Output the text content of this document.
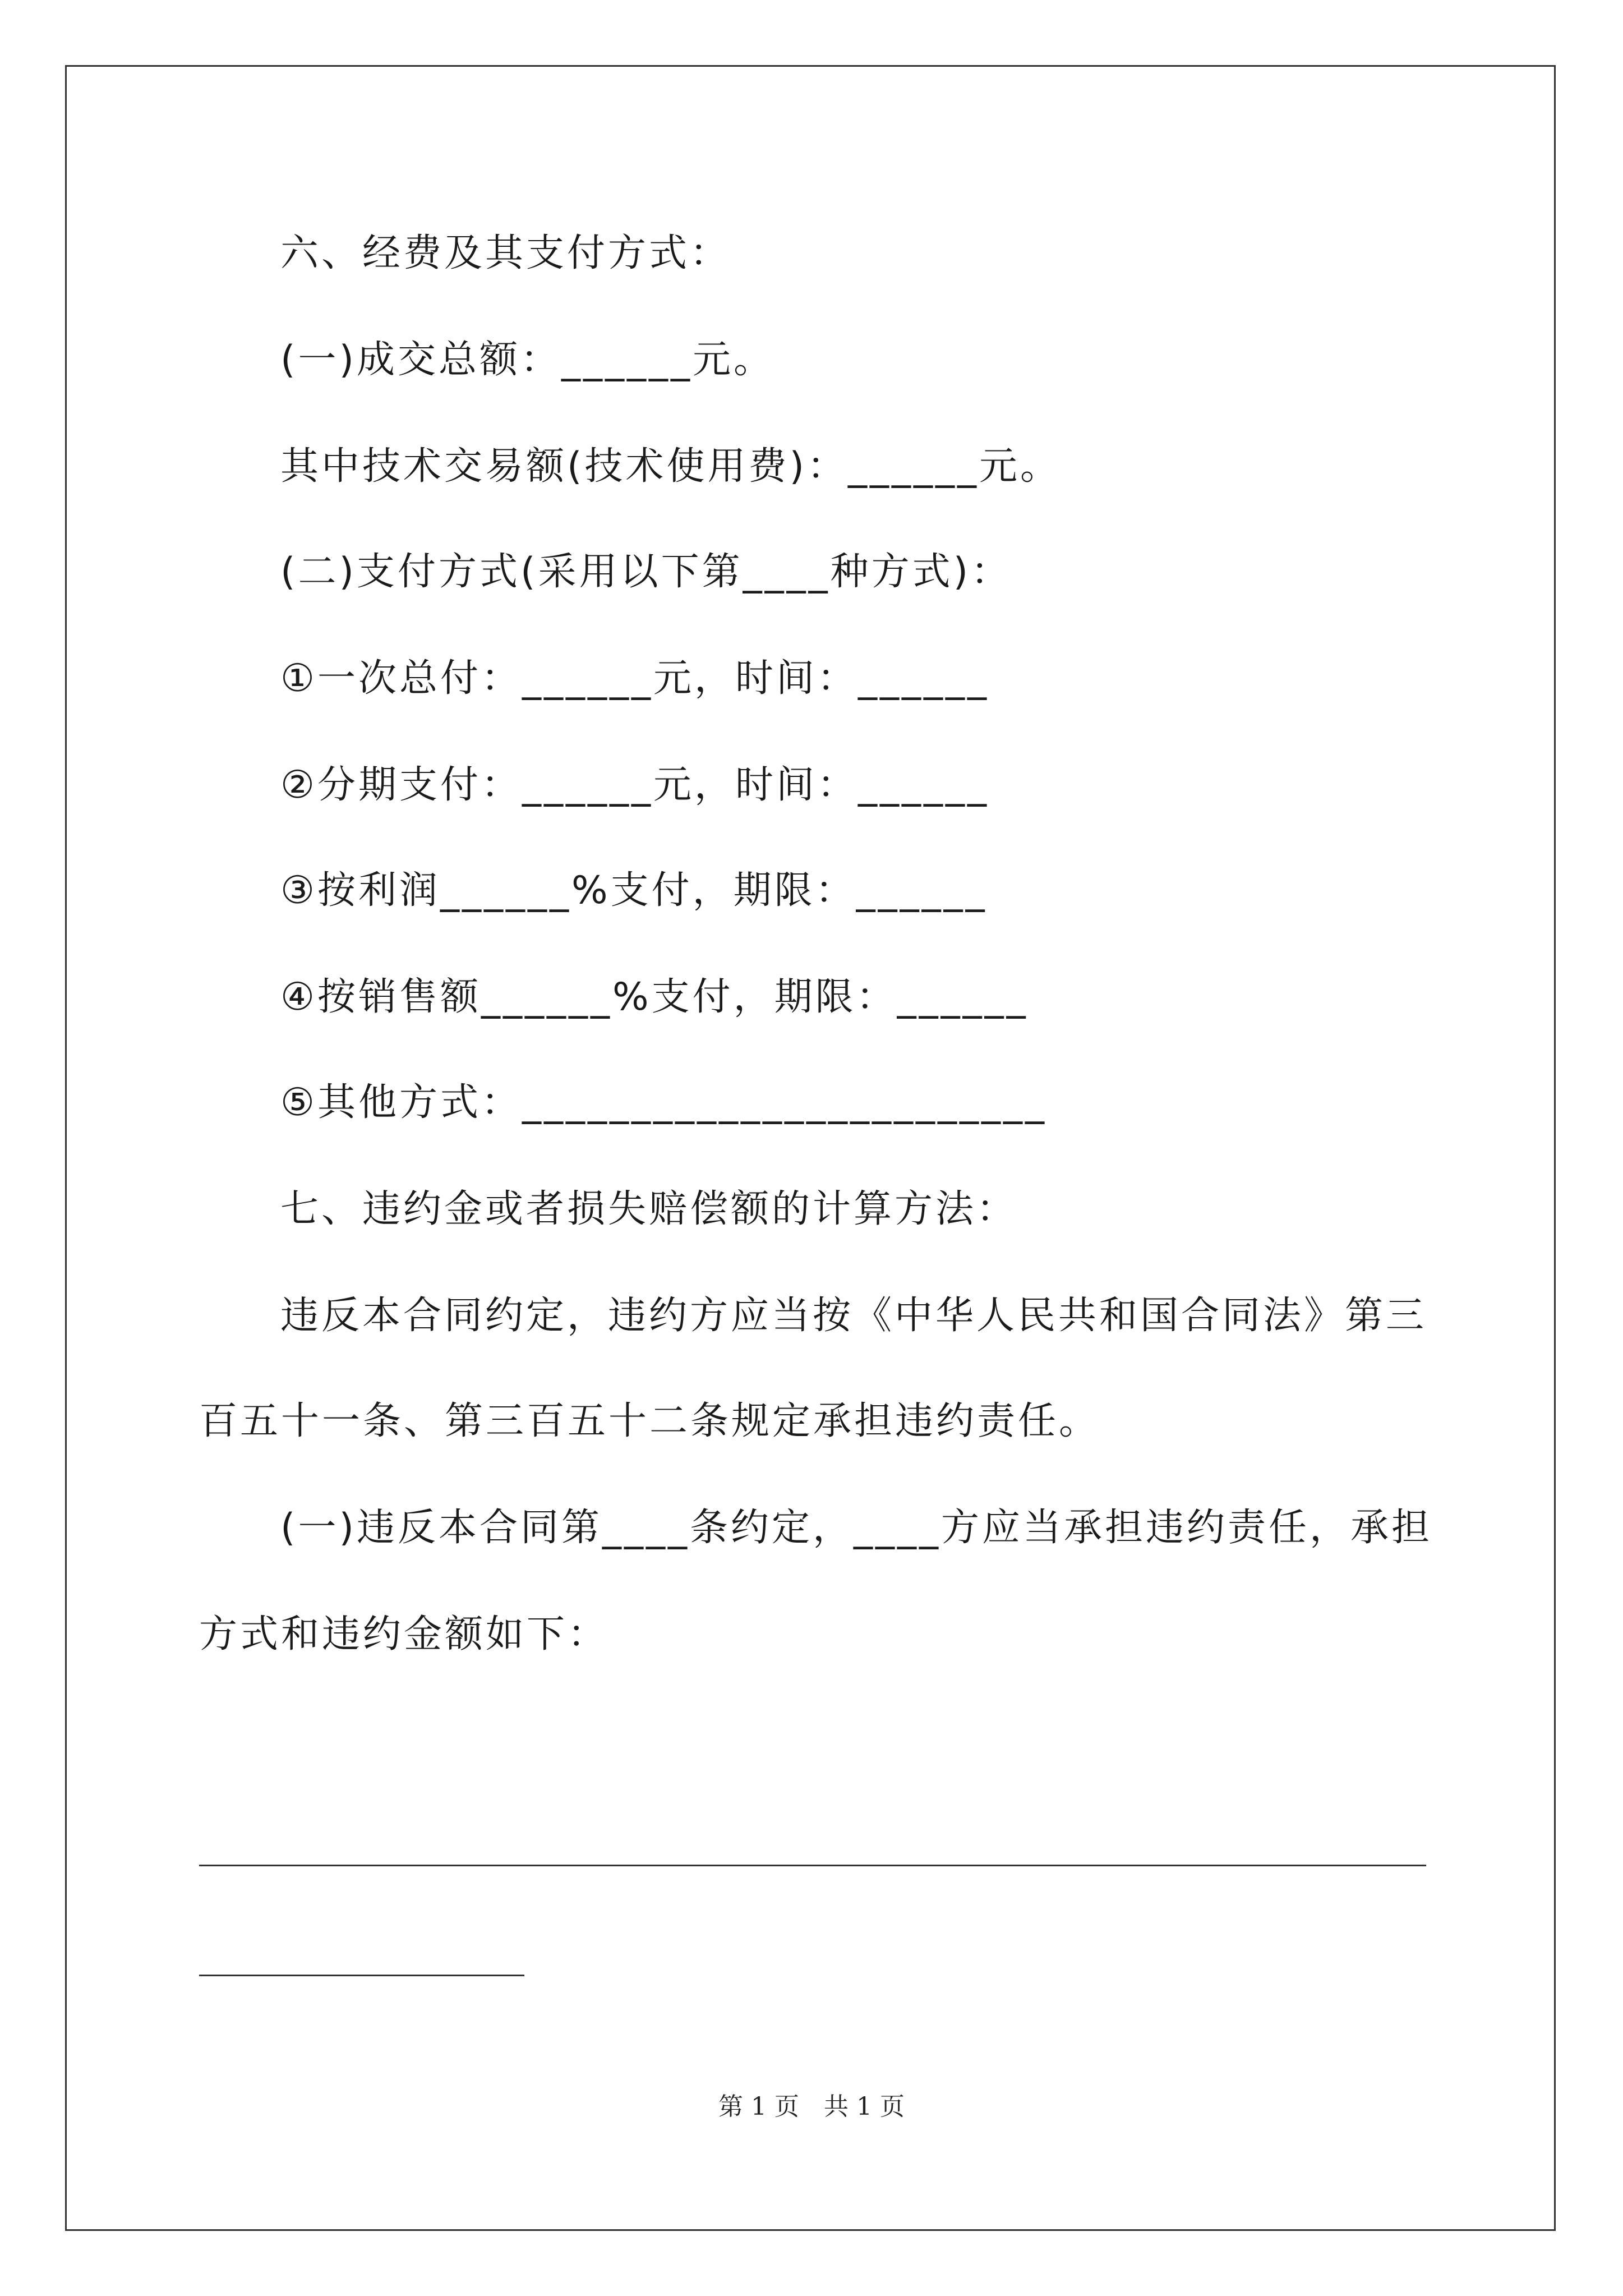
六、经费及其支付方式：
(一)成交总额：______元。
其中技术交易额(技术使用费)：______元。
(二)支付方式(采用以下第____种方式)：
①一次总付：______元，时间：______
②分期支付：______元，时间：______
③按利润______%支付，期限：______
④按销售额______%支付，期限：______
⑤其他方式：________________________
七、违约金或者损失赔偿额的计算方法：
违反本合同约定，违约方应当按《中华人民共和国合同法》第三
百五十一条、第三百五十二条规定承担违约责任。
(一)违反本合同第____条约定，____方应当承担违约责任，承担
方式和违约金额如下：
第 1 页　共 1 页
